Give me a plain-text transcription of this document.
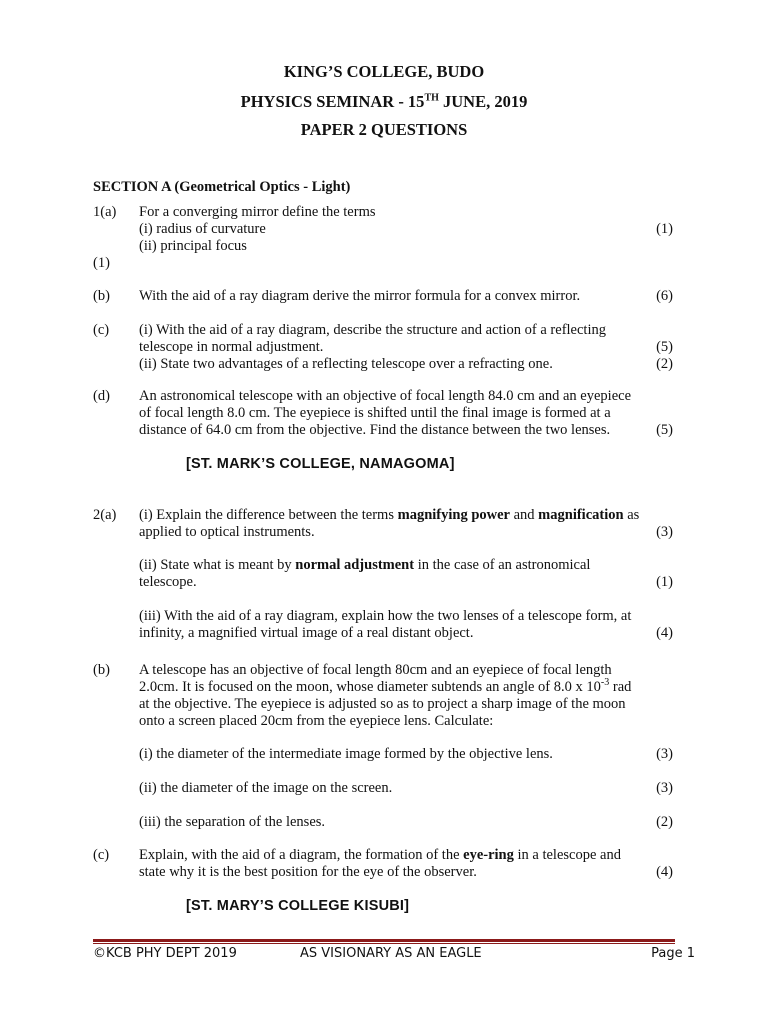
KING’S COLLEGE, BUDO
PHYSICS SEMINAR - 15TH JUNE, 2019
PAPER 2 QUESTIONS
SECTION A (Geometrical Optics - Light)
1(a) For a converging mirror define the terms
(i) radius of curvature	(1)
(ii) principal focus
(1)
(b) With the aid of a ray diagram derive the mirror formula for a convex mirror.	(6)
(c) (i) With the aid of a ray diagram, describe the structure and action of a reflecting
telescope in normal adjustment.	(5)
(ii) State two advantages of a reflecting telescope over a refracting one.	(2)
(d) An astronomical telescope with an objective of focal length 84.0 cm and an eyepiece
of focal length 8.0 cm. The eyepiece is shifted until the final image is formed at a
distance of 64.0 cm from the objective. Find the distance between the two lenses.	(5)
[ST. MARK’S COLLEGE, NAMAGOMA]
2(a) (i) Explain the difference between the terms magnifying power and magnification as
applied to optical instruments.	(3)
(ii) State what is meant by normal adjustment in the case of an astronomical
telescope.	(1)
(iii) With the aid of a ray diagram, explain how the two lenses of a telescope form, at
infinity, a magnified virtual image of a real distant object.	(4)
(b) A telescope has an objective of focal length 80cm and an eyepiece of focal length
2.0cm. It is focused on the moon, whose diameter subtends an angle of 8.0 x $10^{-3}$ rad
at the objective. The eyepiece is adjusted so as to project a sharp image of the moon
onto a screen placed 20cm from the eyepiece lens. Calculate:
(i) the diameter of the intermediate image formed by the objective lens.	(3)
(ii) the diameter of the image on the screen.	(3)
(iii) the separation of the lenses.	(2)
(c) Explain, with the aid of a diagram, the formation of the eye-ring in a telescope and
state why it is the best position for the eye of the observer.	(4)
[ST. MARY’S COLLEGE KISUBI]
©KCB PHY DEPT 2019	AS VISIONARY AS AN EAGLE	Page 1
